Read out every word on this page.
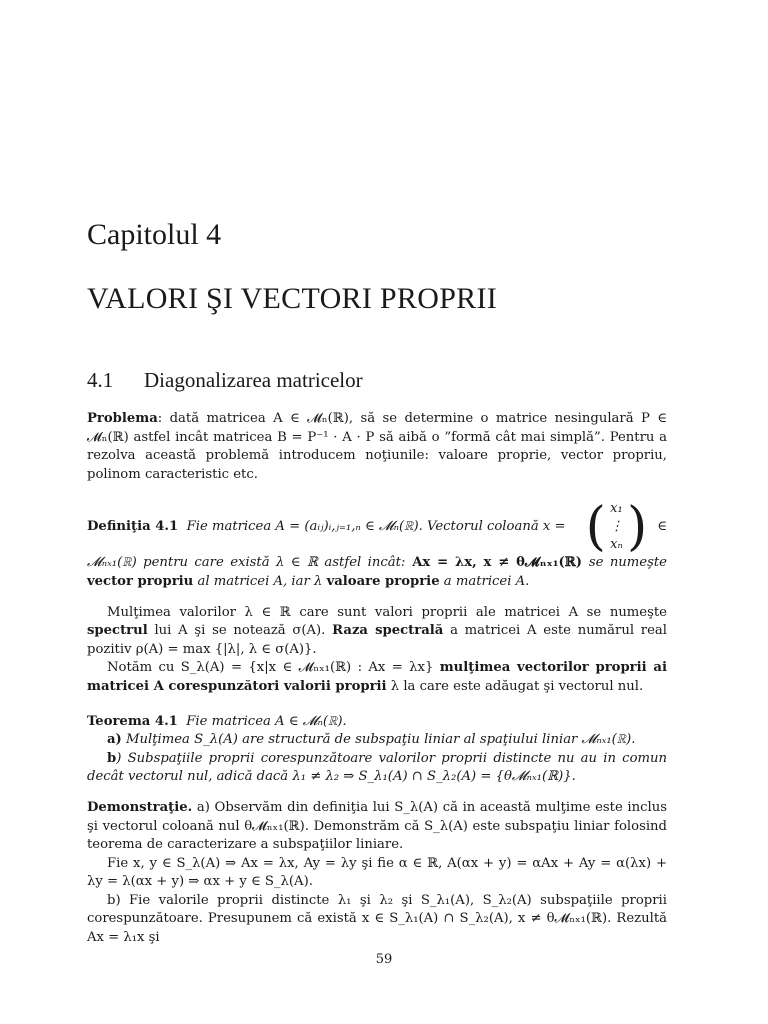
Capitolul 4
VALORI ŞI VECTORI PROPRII
4.1 Diagonalizarea matricelor

Problema: dată matricea A ∈ 𝓜ₙ(ℝ), să se determine o matrice nesingulară P ∈ 𝓜ₙ(ℝ) astfel incât matricea B = P⁻¹ · A · P să aibă o ”formă cât mai simplă”. Pentru a rezolva această problemă introducem noţiunile: valoare proprie, vector propriu, polinom caracteristic etc.

Definiţia 4.1 Fie matricea A = (aᵢⱼ)ᵢ,ⱼ₌₁,ₙ ∈ 𝓜ₙ(ℝ). Vectorul coloană x = ( x₁
⋮
xₙ ) ∈

𝓜ₙₓ₁(ℝ) pentru care există λ ∈ ℝ astfel incât: Ax = λx, x ≠ θ𝓜ₙₓ₁(ℝ) se numeşte vector propriu al matricei A, iar λ valoare proprie a matricei A.

Mulţimea valorilor λ ∈ ℝ care sunt valori proprii ale matricei A se numeşte spectrul lui A şi se notează σ(A). Raza spectrală a matricei A este numărul real pozitiv ρ(A) = max {|λ|, λ ∈ σ(A)}.

Notăm cu S_λ(A) = {x|x ∈ 𝓜ₙₓ₁(ℝ) : Ax = λx} mulţimea vectorilor proprii ai matricei A corespunzători valorii proprii λ la care este adăugat şi vectorul nul.

Teorema 4.1 Fie matricea A ∈ 𝓜ₙ(ℝ).

a) Mulţimea S_λ(A) are structură de subspaţiu liniar al spaţiului liniar 𝓜ₙₓ₁(ℝ).

b) Subspaţiile proprii corespunzătoare valorilor proprii distincte nu au in comun decât vectorul nul, adică dacă λ₁ ≠ λ₂ ⇒ S_λ₁(A) ∩ S_λ₂(A) = {θ𝓜ₙₓ₁(ℝ)}.

Demonstraţie. a) Observăm din definiţia lui S_λ(A) că in această mulţime este inclus şi vectorul coloană nul θ𝓜ₙₓ₁(ℝ). Demonstrăm că S_λ(A) este subspaţiu liniar folosind teorema de caracterizare a subspaţiilor liniare.

Fie x, y ∈ S_λ(A) ⇒ Ax = λx, Ay = λy şi fie α ∈ ℝ, A(αx + y) = αAx + Ay = α(λx) + λy = λ(αx + y) ⇒ αx + y ∈ S_λ(A).

b) Fie valorile proprii distincte λ₁ şi λ₂ şi S_λ₁(A), S_λ₂(A) subspaţiile proprii corespunzătoare. Presupunem că există x ∈ S_λ₁(A) ∩ S_λ₂(A), x ≠ θ𝓜ₙₓ₁(ℝ). Rezultă Ax = λ₁x şi

59
